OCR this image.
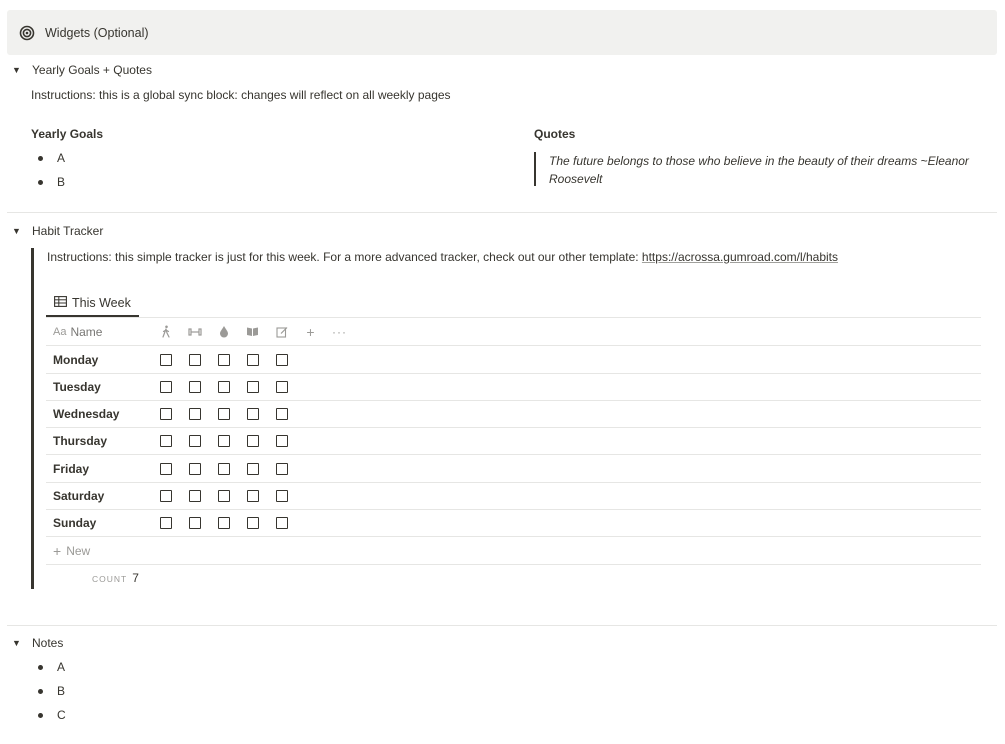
Widgets (Optional)
▼ Yearly Goals + Quotes
Instructions: this is a global sync block: changes will reflect on all weekly pages
Yearly Goals
A
B
Quotes
The future belongs to those who believe in the beauty of their dreams ~Eleanor
Roosevelt
▼ Habit Tracker
Instructions: this simple tracker is just for this week. For a more advanced tracker, check out our other template: https://acrossa.gumroad.com/l/habits
This Week
Aa Name	+	···
Monday
Tuesday
Wednesday
Thursday
Friday
Saturday
Sunday
+ New
COUNT 7
▼ Notes
A
B
C
